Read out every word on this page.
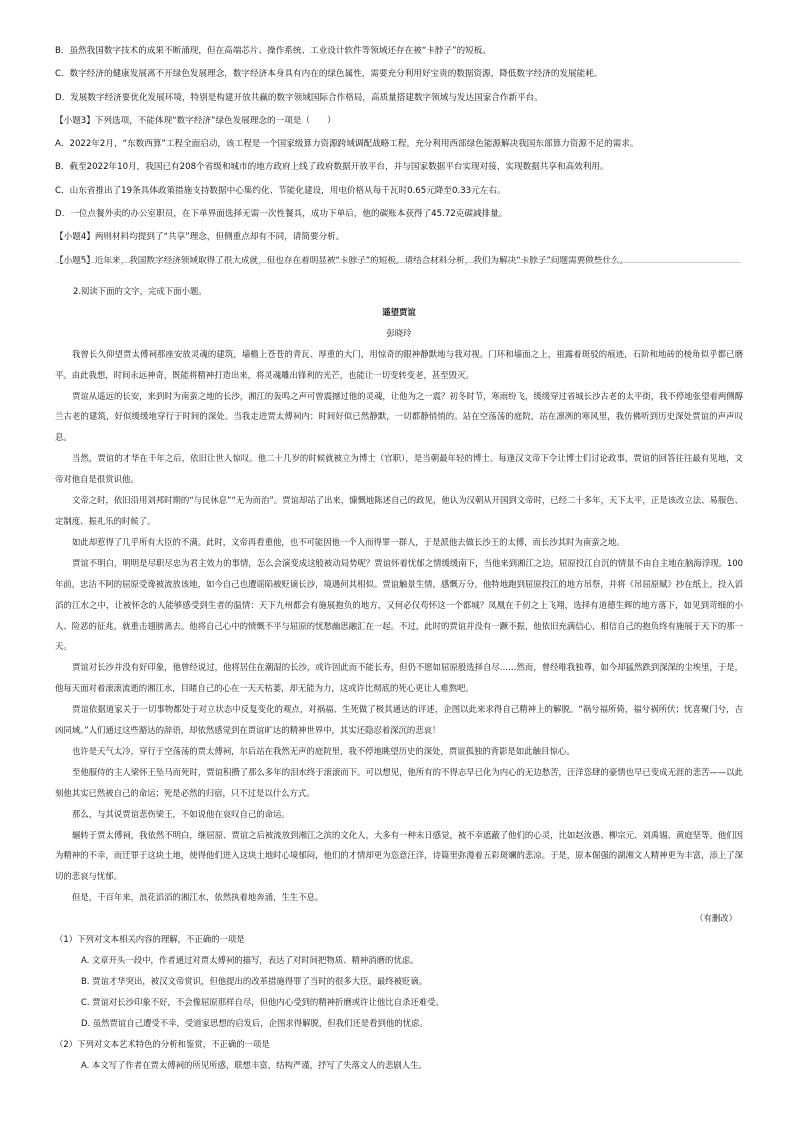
B．虽然我国数字技术的成果不断涌现，但在高端芯片、操作系统、工业设计软件等领域还存在被“卡脖子”的短板。

C．数字经济的健康发展离不开绿色发展理念，数字经济本身具有内在的绿色属性，需要充分利用好宝贵的数据资源，降低数字经济的发展能耗。

D．发展数字经济要优化发展环境，特别是构建开放共赢的数字领域国际合作格局，高质量搭建数字领域与发达国家合作新平台。

【小题3】下列选项，不能体现“数字经济”绿色发展理念的一项是（　　）

A．2022年2月，“东数西算”工程全面启动，该工程是一个国家级算力资源跨域调配战略工程，充分利用西部绿色能源解决我国东部算力资源不足的需求。

B．截至2022年10月，我国已有208个省级和城市的地方政府上线了政府数据开放平台，并与国家数据平台实现对接，实现数据共享和高效利用。

C．山东省推出了19条具体政策措施支持数据中心集约化、节能化建设，用电价格从每千瓦时0.65元降至0.33元左右。

D．一位点餐外卖的办公室职员，在下单界面选择无需一次性餐具，成功下单后，他的碳账本获得了45.72克碳减排量。

【小题4】两则材料均提到了“共享”理念，但侧重点却有不同，请简要分析。

【小题5】近年来，我国数字经济领域取得了很大成就，但也存在着明显被“卡脖子”的短板。请结合材料分析，我们为解决“卡脖子”问题需要做些什么。

2.阅读下面的文字，完成下面小题。

遥望贾谊

彭晓玲

我曾长久仰望贾太傅祠那座安放灵魂的建筑，墙檐上苍苍的青瓦、厚重的大门，用惊奇的眼神静默地与我对视。门环和墙面之上，祖露着斑驳的痕迹，石阶和地砖的棱角似乎都已磨平。由此我想，时间永远神奇，既能将精神打造出来，将灵魂雕出锋利的光芒，也能让一切变转变老，甚至毁灭。

贾谊从遥远的长安，来到时为南蛮之地的长沙，湘江的轰鸣之声可曾震撼过他的灵魂，让他为之一震？初冬时节，寒雨纷飞，缓缓穿过省城长沙古老的太平街，我不停地张望着两侧醇兰古老的建筑，好似缓缓地穿行于时间的深处。当我走进贾太傅祠内：时间好似已然静默，一切都静悄悄的。站在空荡荡的庭院，站在凛冽的寒风里，我仿佛听到历史深处贾谊的声声叹息。

当然，贾谊的才华在千年之后，依旧让世人惊叹。他二十几岁的时候就被立为博士（官职），是当朝最年轻的博士。每逢汉文帝下令让博士们讨论政事，贾谊的回答往往最有见地，文帝对他自是很赏识他。

文帝之时，依旧沿用刘邦时期的“与民休息”“无为而治”。贾谊却站了出来，慷慨地陈述自己的政见，他认为汉朝从开国到文帝时，已经二十多年，天下太平，正是该改立法、易服色、定制度、振礼乐的时候了。

如此却惹得了几乎所有大臣的不满。此时，文帝再看重他，也不可能因他一个人而得罪一群人，于是派他去做长沙王的太傅，而长沙其时为南蛮之地。

贾谊不明白，明明是尽职尽忠为君主效力的事情，怎么会演变成这般被动局势呢？贾谊怀着忧郁之情缓缓南下，当他来到湘江之边，屈原投江自沉的情景不由自主地在脑海浮现。100年前，忠洁不阿的屈原受谗被流放该地，如今自己也遭谣陷被贬谪长沙，境遇何其相似。贾谊触景生情，感慨万分，他特地跑到屈原投江的地方吊祭，并将《吊屈原赋》抄在纸上，投入滔滔的江水之中，让被怀念的人能够感受到生者的温情：天下九州都会有施展抱负的地方，又何必仅苟怀这一个都城？凤凰在千仞之上飞翔，选择有道德生辉的地方落下，如见到苛细的小人、险恶的征兆，就重击翅膀离去。他将自己心中的愤慨不平与屈原的忧愁幽思融汇在一起。不过，此时的贾谊并没有一蹶不振，他依旧充满信心，相信自己的抱负终有施展于天下的那一天。

贾谊对长沙并没有好印象，他曾经说过，他将居住在潮湿的长沙，或许因此而不能长寿，但仍不愿如屈原般选择自尽……然而，曾经唯我独尊，如今却猛然跌到深深的尘埃里，于是，他每天面对着滚滚流逝的湘江水，目睹自己的心在一天天枯萎，却无能为力，这或许比彻底的死心更让人难熬吧。

贾谊依据道家关于一切事物都处于对立状态中反复变化的观点，对祸福、生死做了极其通达的评述，企图以此来求得自己精神上的解脱。“祸兮福所倚，福兮祸所伏；忧喜聚门兮，吉凶同域。”人们通过这些豁达的辞语，却依然感觉到在贾谊旷达的精神世界中，其实还隐忍着深沉的悲哀！

也许是天气太冷，穿行于空荡荡的贾太傅祠，尔后站在我然无声的庭院里，我不停地眺望历史的深处，贾谊孤独的背影是如此触目惊心。

至他服侍的主人梁怀王坠马而死时，贾谊积攒了那么多年的泪水终于滚滚而下。可以想见，他所有的不得志早已化为内心的无边愁苦，汪洋恣肆的豪情也早已变成无涯的悲苦——以此刻他其实已然被自己的命运；死是必然的归宿，只不过是以什么方式。

那么，与其说贾谊悲伤梁王，不如说他在哀叹自己的命运。

辗转于贾太傅祠，我依然不明白，继屈原、贾谊之后被流放到湘江之滨的文化人，大多有一种末日感觉，被不幸遮蔽了他们的心灵，比如赵汝愚、柳宗元、刘禹锡、黄庭坚等。他们因为精神的不幸，而迁罪于这块土地，使得他们进入这块土地时心境郁闷，他们的才情却更为恣意汪洋，诗篇里弥漫着五彩斑斓的悲凉。于是，原本倔强的湖湘文人精神更为丰富，添上了深切的悲哀与忧郁。

但是，千百年来，浪花滔滔的湘江水，依然执着地奔涌，生生不息。

（有删改）

（1）下列对文本相关内容的理解，不正确的一项是

A. 文章开头一段中，作者通过对贾太傅祠的描写，表达了对时间把物质、精神消磨的忧虑。

B. 贾谊才华突出，被汉文帝赏识，但他提出的改革措施得罪了当时的很多大臣，最终被贬谪。

C. 贾谊对长沙印象不好，不会像屈原那样自尽，但他内心受到的精神折磨或许让他比自杀还难受。

D. 虽然贾谊自己遭受不幸，受道家思想的启发后，企图求得解脱，但我们还是看到他的忧虑。

（2）下列对文本艺术特色的分析和鉴赏，不正确的一项是

A. 本文写了作者在贾太傅祠的所见所感，联想丰富，结构严谨，抒写了失落文人的悲剧人生。
